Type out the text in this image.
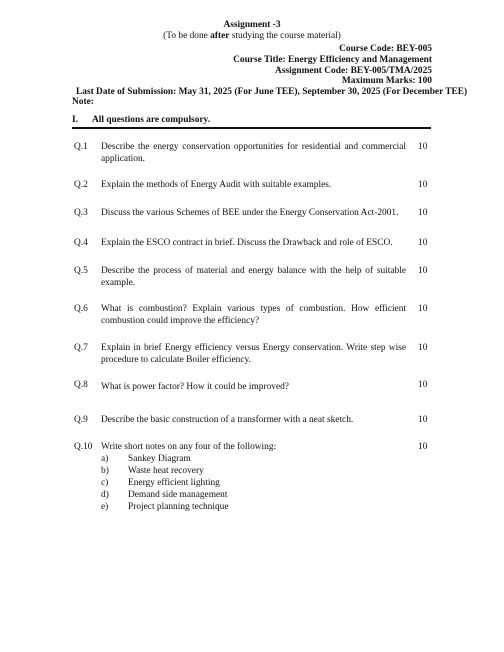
Assignment -3
(To be done after studying the course material)
Course Code: BEY-005
Course Title: Energy Efficiency and Management
Assignment Code: BEY-005/TMA/2025
Maximum Marks: 100
Last Date of Submission: May 31, 2025 (For June TEE), September 30, 2025 (For December TEE)
Note:
I. All questions are compulsory.
Q.1 Describe the energy conservation opportunities for residential and commercial application.
10
Q.2 Explain the methods of Energy Audit with suitable examples.	10
Q.3 Discuss the various Schemes of BEE under the Energy Conservation Act-2001.	10
Q.4 Explain the ESCO contract in brief. Discuss the Drawback and role of ESCO.	10
Q.5 Describe the process of material and energy balance with the help of suitable example.
10
Q.6 What is combustion? Explain various types of combustion. How efficient combustion could improve the efficiency?
10
Q.7 Explain in brief Energy efficiency versus Energy conservation. Write step wise procedure to calculate Boiler efficiency.
10
Q.8 What is power factor? How it could be improved?	10
Q.9 Describe the basic construction of a transformer with a neat sketch.	10
Q.10 Write short notes on any four of the following:	10
a) Sankey Diagram
b) Waste heat recovery
c) Energy efficient lighting
d) Demand side management
e) Project planning technique
